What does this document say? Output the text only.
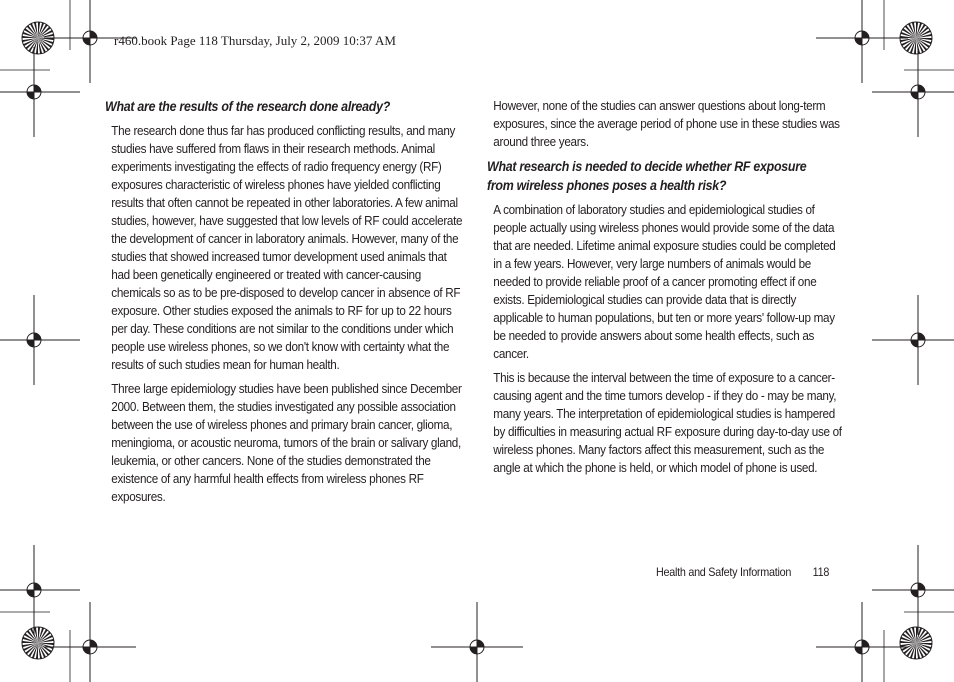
r460.book Page 118 Thursday, July 2, 2009 10:37 AM
What are the results of the research done already?
The research done thus far has produced conflicting results, and many studies have suffered from flaws in their research methods. Animal experiments investigating the effects of radio frequency energy (RF) exposures characteristic of wireless phones have yielded conflicting results that often cannot be repeated in other laboratories. A few animal studies, however, have suggested that low levels of RF could accelerate the development of cancer in laboratory animals. However, many of the studies that showed increased tumor development used animals that had been genetically engineered or treated with cancer-causing chemicals so as to be pre-disposed to develop cancer in absence of RF exposure. Other studies exposed the animals to RF for up to 22 hours per day. These conditions are not similar to the conditions under which people use wireless phones, so we don't know with certainty what the results of such studies mean for human health.
Three large epidemiology studies have been published since December 2000. Between them, the studies investigated any possible association between the use of wireless phones and primary brain cancer, glioma, meningioma, or acoustic neuroma, tumors of the brain or salivary gland, leukemia, or other cancers. None of the studies demonstrated the existence of any harmful health effects from wireless phones RF exposures.
However, none of the studies can answer questions about long-term exposures, since the average period of phone use in these studies was around three years.
What research is needed to decide whether RF exposure from wireless phones poses a health risk?
A combination of laboratory studies and epidemiological studies of people actually using wireless phones would provide some of the data that are needed. Lifetime animal exposure studies could be completed in a few years. However, very large numbers of animals would be needed to provide reliable proof of a cancer promoting effect if one exists. Epidemiological studies can provide data that is directly applicable to human populations, but ten or more years' follow-up may be needed to provide answers about some health effects, such as cancer.
This is because the interval between the time of exposure to a cancer-causing agent and the time tumors develop - if they do - may be many, many years. The interpretation of epidemiological studies is hampered by difficulties in measuring actual RF exposure during day-to-day use of wireless phones. Many factors affect this measurement, such as the angle at which the phone is held, or which model of phone is used.
Health and Safety Information 118
